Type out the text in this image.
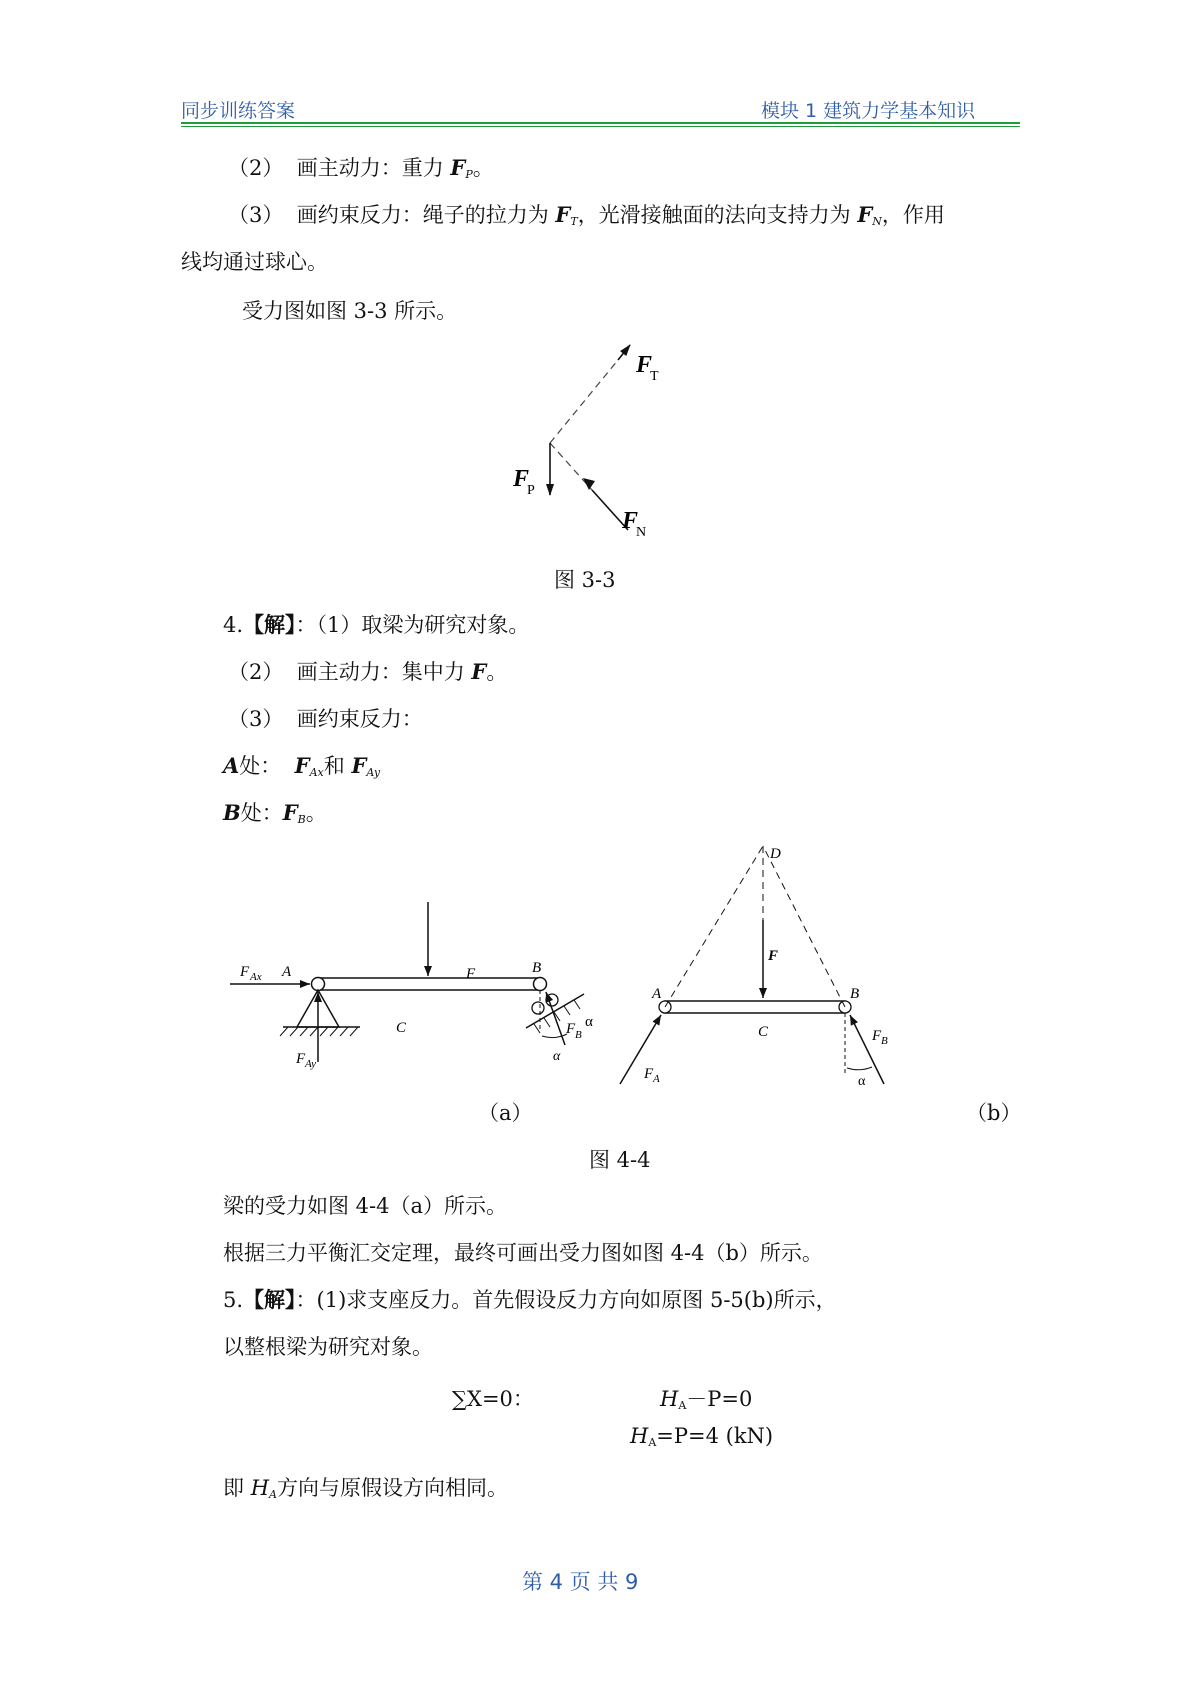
同步训练答案	模块 1 建筑力学基本知识
（2） 画主动力：重力 $F_P$。
（3） 画约束反力：绳子的拉力为 $F_T$，光滑接触面的法向支持力为 $F_N$，作用
线均通过球心。
受力图如图 3-3 所示。
F
T
F
P
F
N
图 3-3
4.【解】：（1）取梁为研究对象。
（2） 画主动力：集中力 F。
（3） 画约束反力：
A处：  $F_{Ax}$和 $F_{Ay}$
B处：$F_B$。
F
F Ax A	B
C
F Ay
F B
α
α
D
F
A	B
C
F A
F B
α
（a）	（b）
图 4-4
梁的受力如图 4-4（a）所示。
根据三力平衡汇交定理，最终可画出受力图如图 4-4（b）所示。
5.【解】：(1)求支座反力。首先假设反力方向如原图 5-5(b)所示，
以整根梁为研究对象。
∑X=0：	$H_A-P=0$
$H_A=P=4$ (kN)
即 $H_A$方向与原假设方向相同。
第 4 页 共 9
